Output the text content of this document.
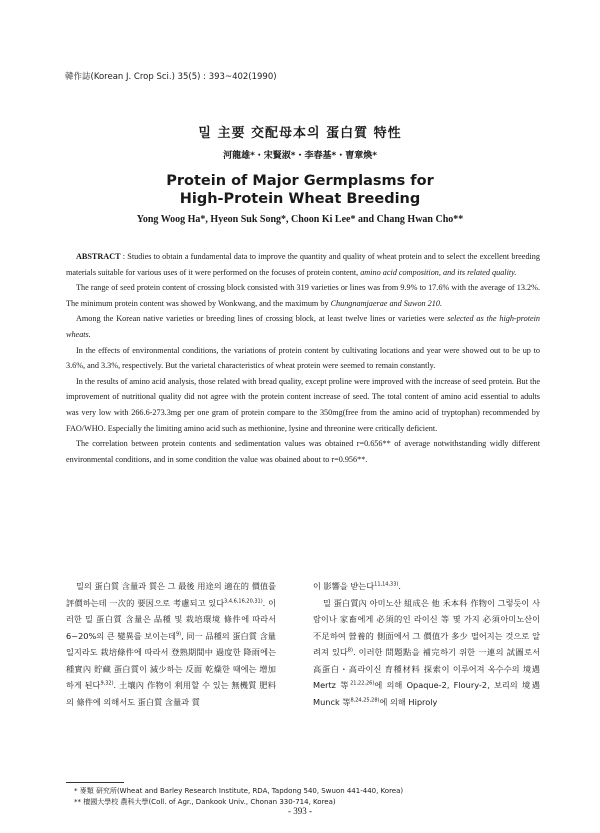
韓作誌(Korean J. Crop Sci.) 35(5) : 393~402(1990)
밀 主要 交配母本의 蛋白質 特性
河龍雄*・宋賢淑*・李春基*・曺章煥*
Protein of Major Germplasms for
High-Protein Wheat Breeding
Yong Woog Ha*, Hyeon Suk Song*, Choon Ki Lee* and Chang Hwan Cho**

ABSTRACT : Studies to obtain a fundamental data to improve the quantity and quality of wheat protein and to select the excellent breeding materials suitable for various uses of it were performed on the focuses of protein content, amino acid composition, and its related quality.

The range of seed protein content of crossing block consisted with 319 varieties or lines was from 9.9% to 17.6% with the average of 13.2%. The minimum protein content was showed by Wonkwang, and the maximum by Chungnamjaerae and Suwon 210.

Among the Korean native varieties or breeding lines of crossing block, at least twelve lines or varieties were selected as the high-protein wheats.

In the effects of environmental conditions, the variations of protein content by cultivating locations and year were showed out to be up to 3.6%, and 3.3%, respectively. But the varietal characteristics of wheat protein were seemed to remain constantly.

In the results of amino acid analysis, those related with bread quality, except proline were improved with the increase of seed protein. But the improvement of nutritional quality did not agree with the protein content increase of seed. The total content of amino acid essential to adults was very low with 266.6-273.3mg per one gram of protein compare to the 350mg(free from the amino acid of tryptophan) recommended by FAO/WHO. Especially the limiting amino acid such as methionine, lysine and threonine were critically deficient.

The correlation between protein contents and sedimentation values was obtained r=0.656** of average notwithstanding widly different environmental conditions, and in some condition the value was obained about to r=0.956**.

밀의 蛋白質 含量과 質은 그 最後 用途의 適在的 價值를 評價하는데 一次的 要因으로 考慮되고 있다$^{3,4,6,16,20,31)}$. 이러한 밀 蛋白質 含量은 品種 및 栽培環境 條件에 따라서 6~20%의 큰 變異를 보이는데$^{9)}$, 同一 品種의 蛋白質 含量일지라도 栽培條件에 따라서 登熟期間中 過度한 降雨에는 種實內 貯藏 蛋白質이 減少하는 反面 乾燥한 때에는 增加하게 된다$^{9,32)}$. 土壤內 作物이 利用할 수 있는 無機質 肥料의 條件에 의해서도 蛋白質 含量과 質

이 影響을 받는다$^{11,14,33)}$.

밀 蛋白質內 아미노산 組成은 他 禾本科 作物이 그렇듯이 사람이나 家畜에게 必須的인 라이신 等 몇 가지 必須아미노산이 不足하여 營養的 側面에서 그 價值가 多少 떨어지는 것으로 알려져 있다$^{8)}$. 이러한 問題點을 補完하기 위한 一連의 試圖로서 高蛋白・高라이신 育種材料 探索이 이루어져 옥수수의 境遇 Mertz 等$^{21,22,26)}$에 의해 Opaque-2, Floury-2, 보리의 境遇 Munck 等$^{8,24,25,28)}$에 의해 Hiproly

* 麥類 研究所(Wheat and Barley Research Institute, RDA, Tapdong 540, Swuon 441-440, Korea)
** 檀國大學校 農科大學(Coll. of Agr., Dankook Univ., Chonan 330-714, Korea)
- 393 -
